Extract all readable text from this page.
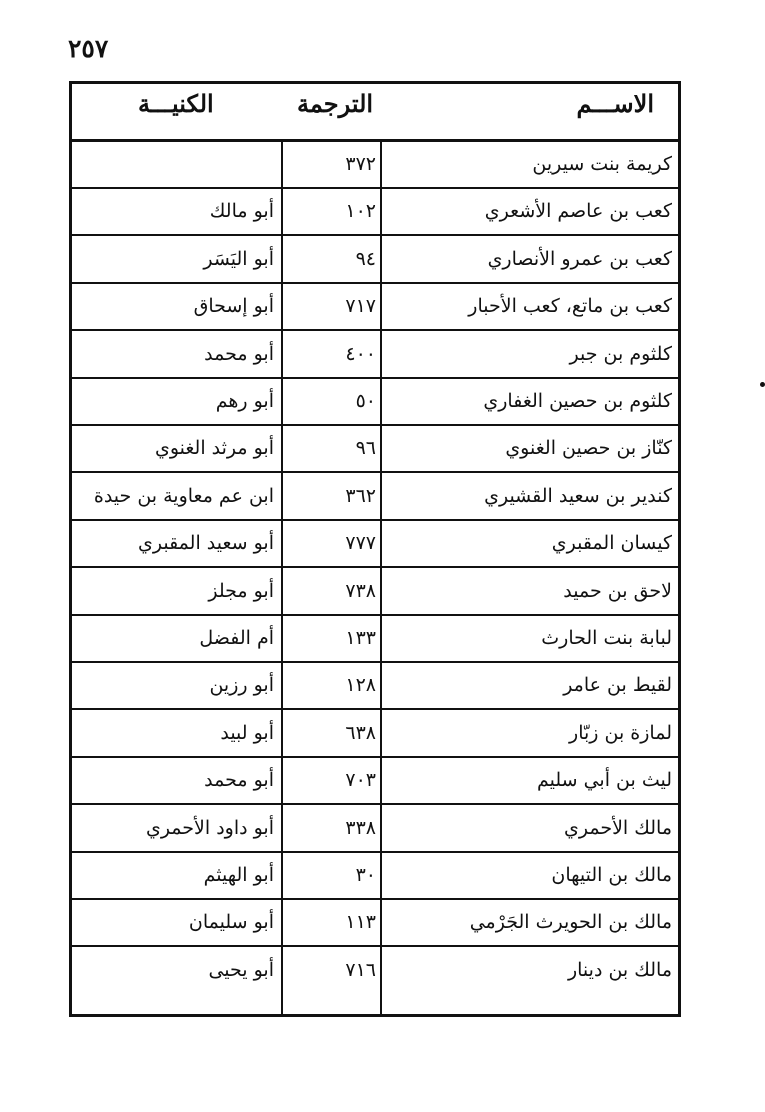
٢٥٧
الاســـم
الترجمة
الكنيـــة
كريمة بنت سيرين
٣٧٢
كعب بن عاصم الأشعري
١٠٢
أبو مالك
كعب بن عمرو الأنصاري
٩٤
أبو اليَسَر
كعب بن ماتع، كعب الأحبار
٧١٧
أبو إسحاق
كلثوم بن جبر
٤٠٠
أبو محمد
كلثوم بن حصين الغفاري
٥٠
أبو رهم
كنّاز بن حصين الغنوي
٩٦
أبو مرثد الغنوي
كندير بن سعيد القشيري
٣٦٢
ابن عم معاوية بن حيدة
كيسان المقبري
٧٧٧
أبو سعيد المقبري
لاحق بن حميد
٧٣٨
أبو مجلز
لبابة بنت الحارث
١٣٣
أم الفضل
لقيط بن عامر
١٢٨
أبو رزين
لمازة بن زبّار
٦٣٨
أبو لبيد
ليث بن أبي سليم
٧٠٣
أبو محمد
مالك الأحمري
٣٣٨
أبو داود الأحمري
مالك بن التيهان
٣٠
أبو الهيثم
مالك بن الحويرث الجَرْمي
١١٣
أبو سليمان
مالك بن دينار
٧١٦
أبو يحيى
